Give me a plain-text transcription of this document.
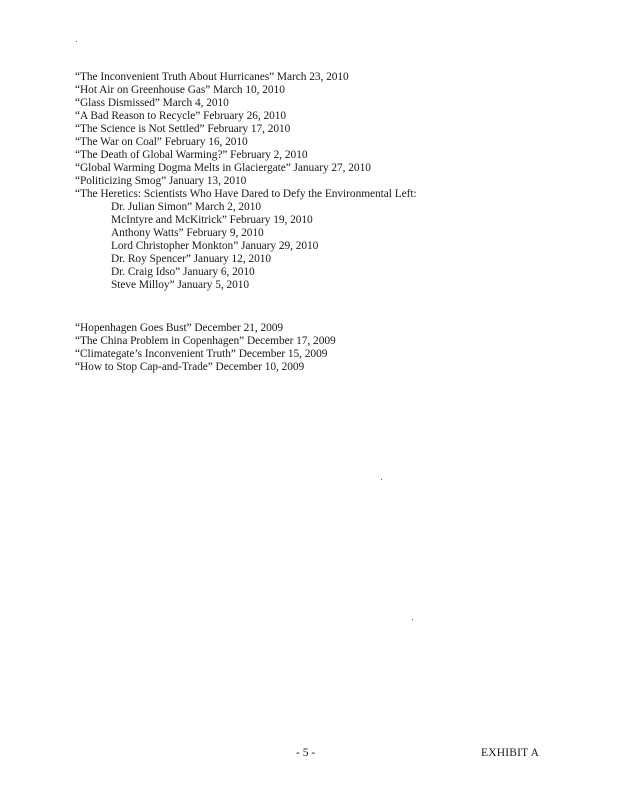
“The Inconvenient Truth About Hurricanes” March 23, 2010
“Hot Air on Greenhouse Gas” March 10, 2010
“Glass Dismissed” March 4, 2010
“A Bad Reason to Recycle” February 26, 2010
“The Science is Not Settled” February 17, 2010
“The War on Coal” February 16, 2010
“The Death of Global Warming?” February 2, 2010
“Global Warming Dogma Melts in Glaciergate” January 27, 2010
“Politicizing Smog” January 13, 2010
“The Heretics: Scientists Who Have Dared to Defy the Environmental Left:
Dr. Julian Simon” March 2, 2010
McIntyre and McKitrick” February 19, 2010
Anthony Watts” February 9, 2010
Lord Christopher Monkton” January 29, 2010
Dr. Roy Spencer” January 12, 2010
Dr. Craig Idso” January 6, 2010
Steve Milloy” January 5, 2010
“Hopenhagen Goes Bust” December 21, 2009
“The China Problem in Copenhagen” December 17, 2009
“Climategate’s Inconvenient Truth” December 15, 2009
“How to Stop Cap-and-Trade” December 10, 2009
- 5 -	EXHIBIT A
